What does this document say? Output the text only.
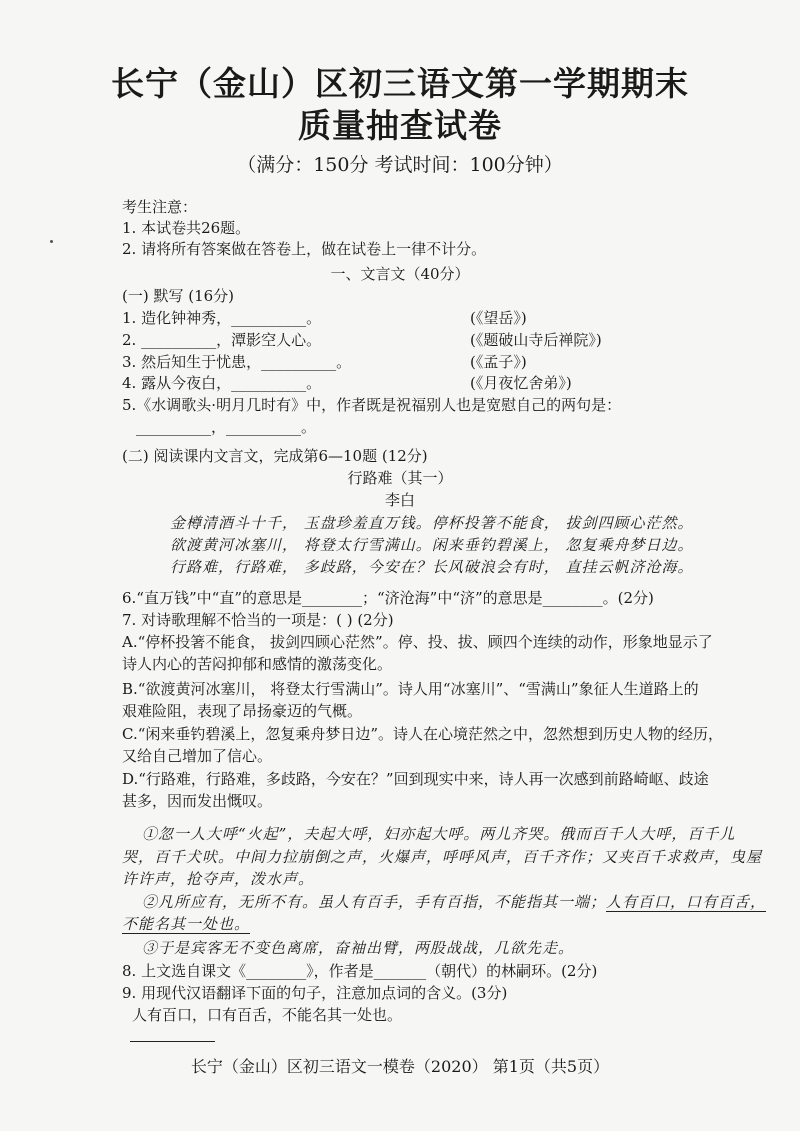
长宁（金山）区初三语文第一学期期末
质量抽查试卷
（满分：150分 考试时间：100分钟）
考生注意：
1. 本试卷共26题。
2. 请将所有答案做在答卷上，做在试卷上一律不计分。
一、文言文（40分）
(一) 默写 (16分)
1. 造化钟神秀，__________。	(《望岳》)
2. __________，潭影空人心。	(《题破山寺后禅院》)
3. 然后知生于忧患，__________。	(《孟子》)
4. 露从今夜白，__________。	(《月夜忆舍弟》)
5.《水调歌头·明月几时有》中，作者既是祝福别人也是宽慰自己的两句是：
__________，__________。
(二) 阅读课内文言文，完成第6—10题 (12分)
行路难（其一）
李白
金樽清酒斗十千， 玉盘珍羞直万钱。停杯投箸不能食， 拔剑四顾心茫然。
欲渡黄河冰塞川， 将登太行雪满山。闲来垂钓碧溪上， 忽复乘舟梦日边。
行路难，行路难， 多歧路，今安在？长风破浪会有时， 直挂云帆济沧海。
6.“直万钱”中“直”的意思是________；“济沧海”中“济”的意思是________。(2分)
7. 对诗歌理解不恰当的一项是：( ) (2分)
A.“停杯投箸不能食， 拔剑四顾心茫然”。停、投、拔、顾四个连续的动作，形象地显示了
诗人内心的苦闷抑郁和感情的激荡变化。
B.“欲渡黄河冰塞川， 将登太行雪满山”。诗人用“冰塞川”、“雪满山”象征人生道路上的
艰难险阻，表现了昂扬豪迈的气概。
C.“闲来垂钓碧溪上，忽复乘舟梦日边”。诗人在心境茫然之中，忽然想到历史人物的经历，
又给自己增加了信心。
D.“行路难，行路难，多歧路，今安在？”回到现实中来，诗人再一次感到前路崎岖、歧途
甚多，因而发出慨叹。
①忽一人大呼“火起”，夫起大呼，妇亦起大呼。两儿齐哭。俄而百千人大呼，百千儿
哭，百千犬吠。中间力拉崩倒之声，火爆声，呼呼风声，百千齐作；又夹百千求救声，曳屋
许许声，抢夺声，泼水声。
②凡所应有，无所不有。虽人有百手，手有百指，不能指其一端；人有百口，口有百舌，
不能名其一处也。
③于是宾客无不变色离席，奋袖出臂，两股战战，几欲先走。
8. 上文选自课文《________》，作者是_______（朝代）的林嗣环。(2分)
9. 用现代汉语翻译下面的句子，注意加点词的含义。(3分)
人有百口，口有百舌，不能名其一处也。
长宁（金山）区初三语文一模卷（2020） 第1页（共5页）
